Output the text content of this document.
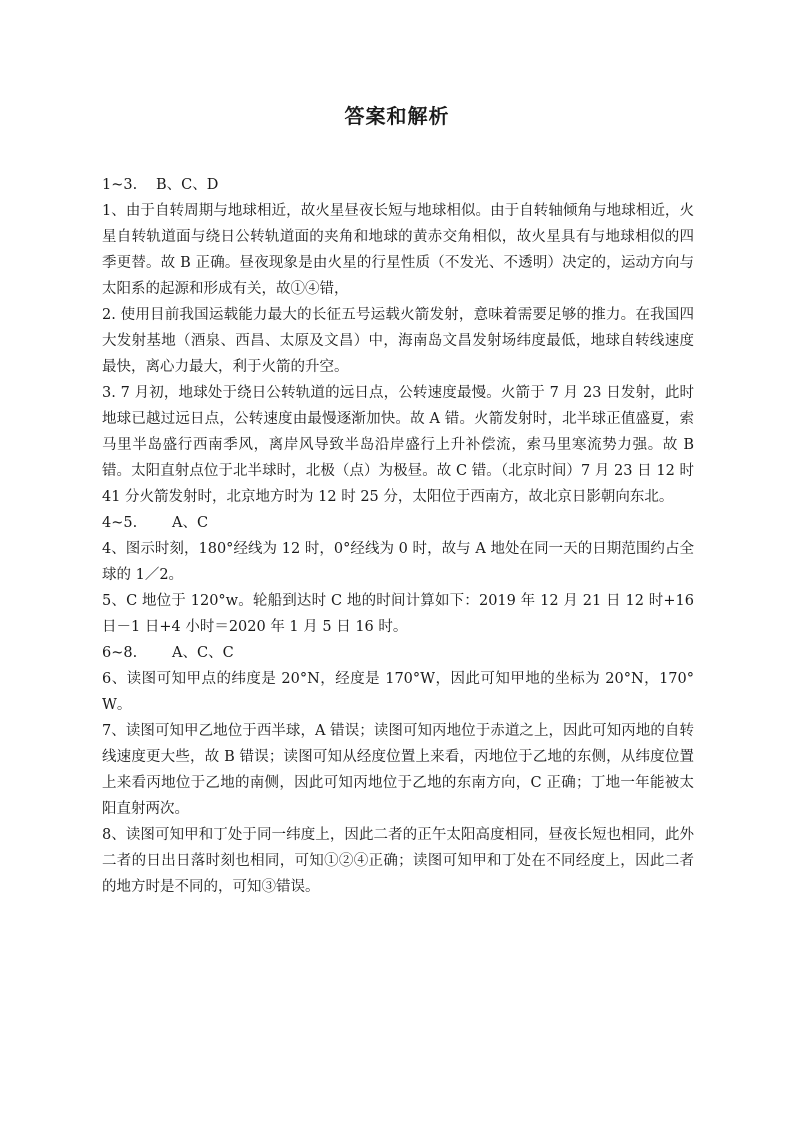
答案和解析
1~3.	B、C、D

1、由于自转周期与地球相近，故火星昼夜长短与地球相似。由于自转轴倾角与地球相近，火星自转轨道面与绕日公转轨道面的夹角和地球的黄赤交角相似，故火星具有与地球相似的四季更替。故 B 正确。昼夜现象是由火星的行星性质（不发光、不透明）决定的，运动方向与太阳系的起源和形成有关，故①④错，

2. 使用目前我国运载能力最大的长征五号运载火箭发射，意味着需要足够的推力。在我国四大发射基地（酒泉、西昌、太原及文昌）中，海南岛文昌发射场纬度最低，地球自转线速度最快，离心力最大，利于火箭的升空。

3. 7 月初，地球处于绕日公转轨道的远日点，公转速度最慢。火箭于 7 月 23 日发射，此时地球已越过远日点，公转速度由最慢逐渐加快。故 A 错。火箭发射时，北半球正值盛夏，索马里半岛盛行西南季风，离岸风导致半岛沿岸盛行上升补偿流，索马里寒流势力强。故 B 错。太阳直射点位于北半球时，北极（点）为极昼。故 C 错。（北京时间）7 月 23 日 12 时 41 分火箭发射时，北京地方时为 12 时 25 分，太阳位于西南方，故北京日影朝向东北。

4~5.	A、C

4、图示时刻，180°经线为 12 时，0°经线为 0 时，故与 A 地处在同一天的日期范围约占全球的 1／2。

5、C 地位于 120°w。轮船到达时 C 地的时间计算如下：2019 年 12 月 21 日 12 时+16 日－1 日+4 小时＝2020 年 1 月 5 日 16 时。

6~8.	A、C、C

6、读图可知甲点的纬度是 20°N，经度是 170°W，因此可知甲地的坐标为 20°N，170°W。

7、读图可知甲乙地位于西半球，A 错误；读图可知丙地位于赤道之上，因此可知丙地的自转线速度更大些，故 B 错误；读图可知从经度位置上来看，丙地位于乙地的东侧，从纬度位置上来看丙地位于乙地的南侧，因此可知丙地位于乙地的东南方向，C 正确；丁地一年能被太阳直射两次。

8、读图可知甲和丁处于同一纬度上，因此二者的正午太阳高度相同，昼夜长短也相同，此外二者的日出日落时刻也相同，可知①②④正确；读图可知甲和丁处在不同经度上，因此二者的地方时是不同的，可知③错误。
